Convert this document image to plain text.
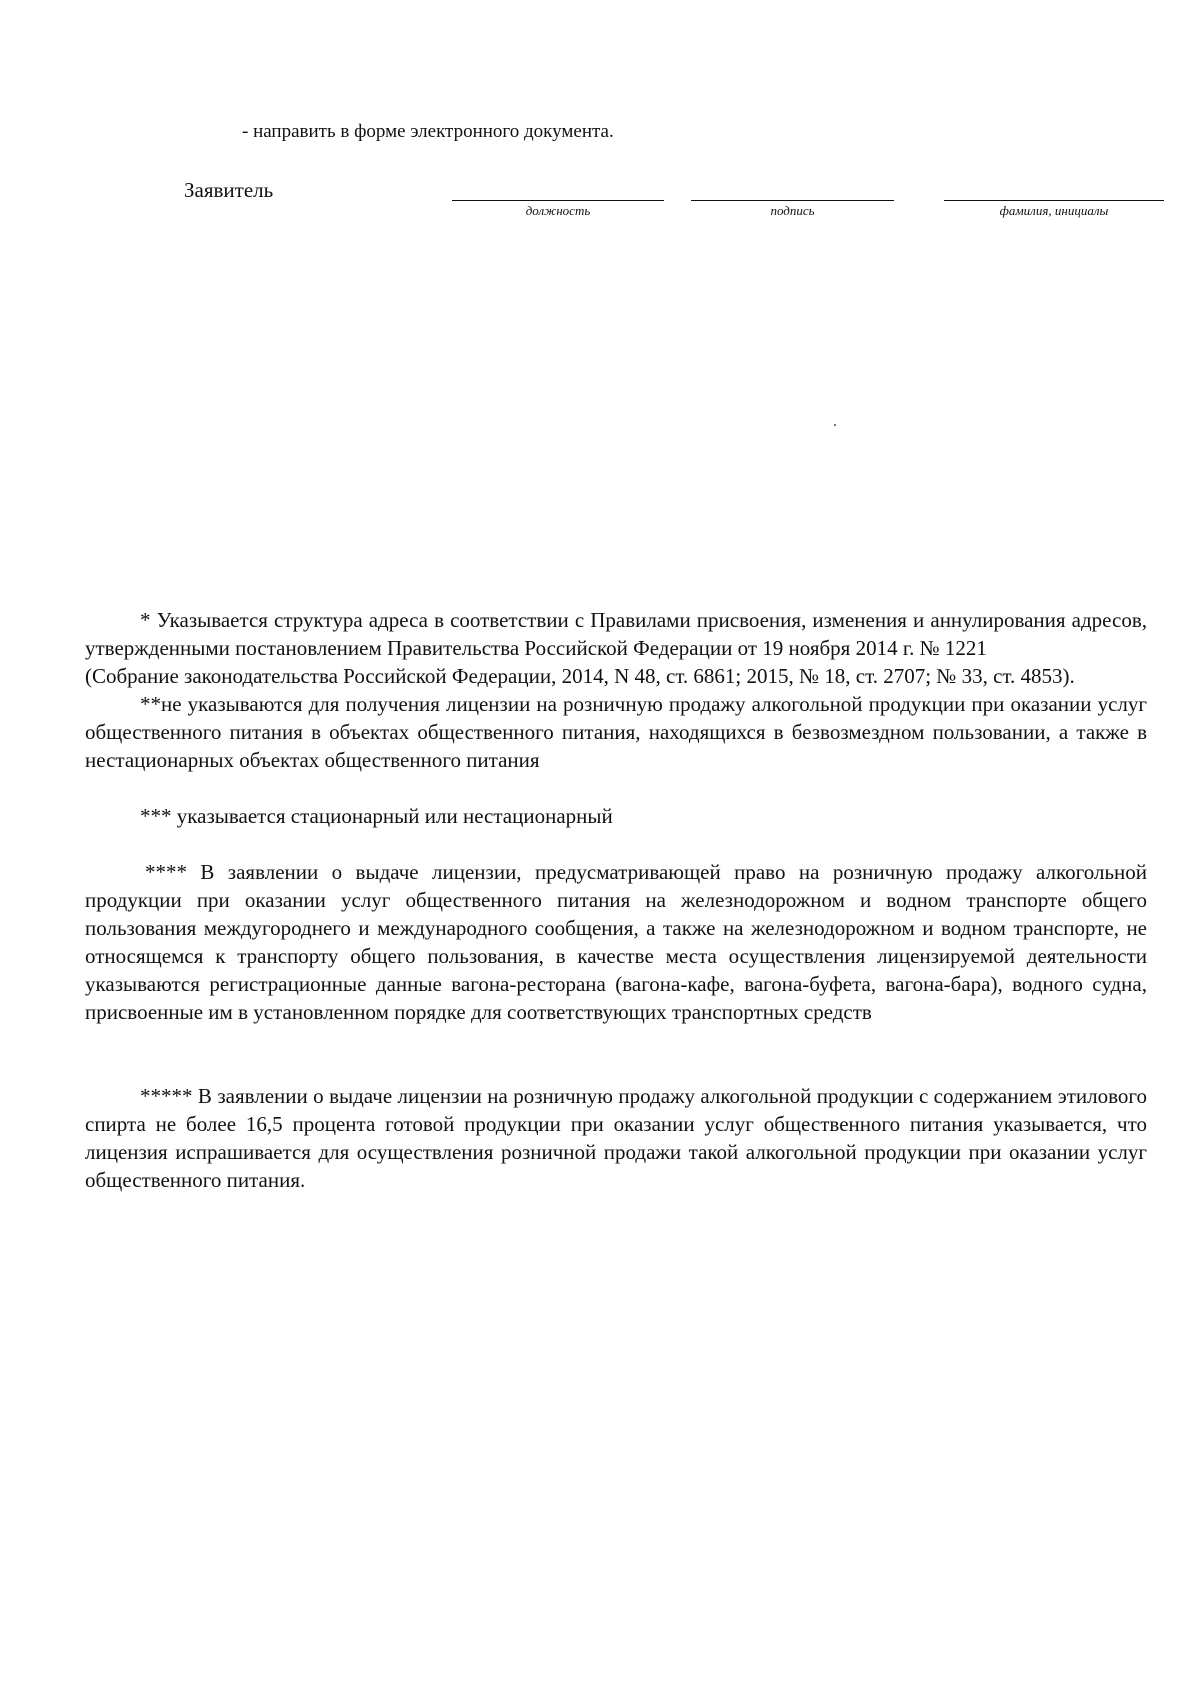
- направить в форме электронного документа.
Заявитель
должность	подпись	фамилия, инициалы

* Указывается структура адреса в соответствии с Правилами присвоения, изменения и аннулирования адресов, утвержденными постановлением Правительства Российской Федерации от 19 ноября 2014 г. № 1221

(Собрание законодательства Российской Федерации, 2014, N 48, ст. 6861; 2015, № 18, ст. 2707; № 33, ст. 4853).

**не указываются для получения лицензии на розничную продажу алкогольной продукции при оказании услуг общественного питания в объектах общественного питания, находящихся в безвозмездном пользовании, а также в нестационарных объектах общественного питания

*** указывается стационарный или нестационарный

**** В заявлении о выдаче лицензии, предусматривающей право на розничную продажу алкогольной продукции при оказании услуг общественного питания на железнодорожном и водном транспорте общего пользования междугороднего и международного сообщения, а также на железнодорожном и водном транспорте, не относящемся к транспорту общего пользования, в качестве места осуществления лицензируемой деятельности указываются регистрационные данные вагона-ресторана (вагона-кафе, вагона-буфета, вагона-бара), водного судна, присвоенные им в установленном порядке для соответствующих транспортных средств

***** В заявлении о выдаче лицензии на розничную продажу алкогольной продукции с содержанием этилового спирта не более 16,5 процента готовой продукции при оказании услуг общественного питания указывается, что лицензия испрашивается для осуществления розничной продажи такой алкогольной продукции при оказании услуг общественного питания.
